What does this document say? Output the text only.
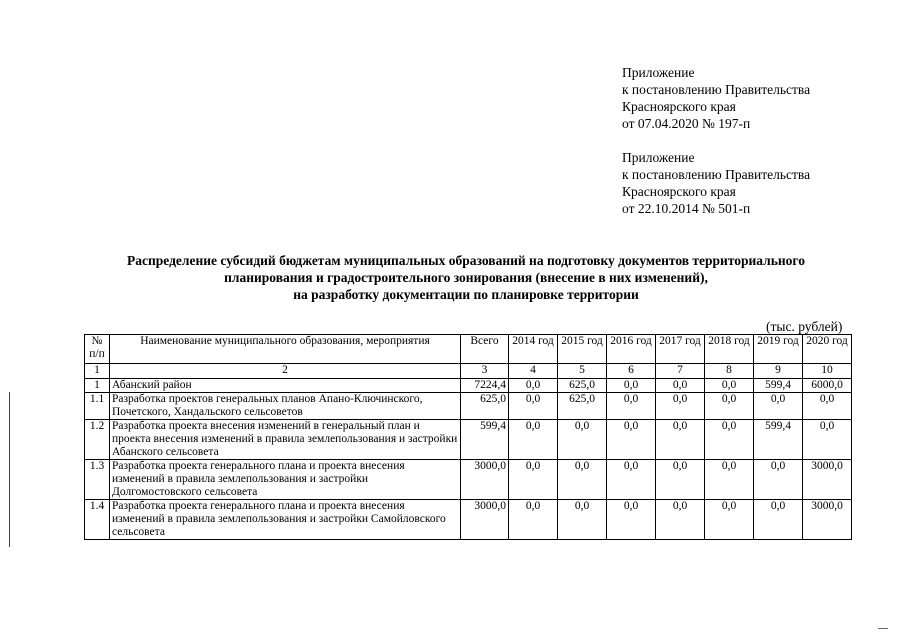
Приложение
к постановлению Правительства
Красноярского края
от 07.04.2020 № 197-п
Приложение
к постановлению Правительства
Красноярского края
от 22.10.2014 № 501-п
Распределение субсидий бюджетам муниципальных образований на подготовку документов территориального
планирования и градостроительного зонирования (внесение в них изменений),
на разработку документации по планировке территории
(тыс. рублей)
№ п/п	Наименование муниципального образования, мероприятия	Всего	2014 год	2015 год	2016 год	2017 год	2018 год	2019 год	2020 год
1	2	3	4	5	6	7	8	9	10
1	Абанский район	7224,4	0,0	625,0	0,0	0,0	0,0	599,4	6000,0
1.1	Разработка проектов генеральных планов Апано-Ключинского, Почетского, Хандальского сельсоветов	625,0	0,0	625,0	0,0	0,0	0,0	0,0	0,0
1.2	Разработка проекта внесения изменений в генеральный план и проекта внесения изменений в правила землепользования и застройки Абанского сельсовета	599,4	0,0	0,0	0,0	0,0	0,0	599,4	0,0
1.3	Разработка проекта генерального плана и проекта внесения изменений в правила землепользования и застройки Долгомостовского сельсовета	3000,0	0,0	0,0	0,0	0,0	0,0	0,0	3000,0
1.4	Разработка проекта генерального плана и проекта внесения изменений в правила землепользования и застройки Самойловского сельсовета	3000,0	0,0	0,0	0,0	0,0	0,0	0,0	3000,0
